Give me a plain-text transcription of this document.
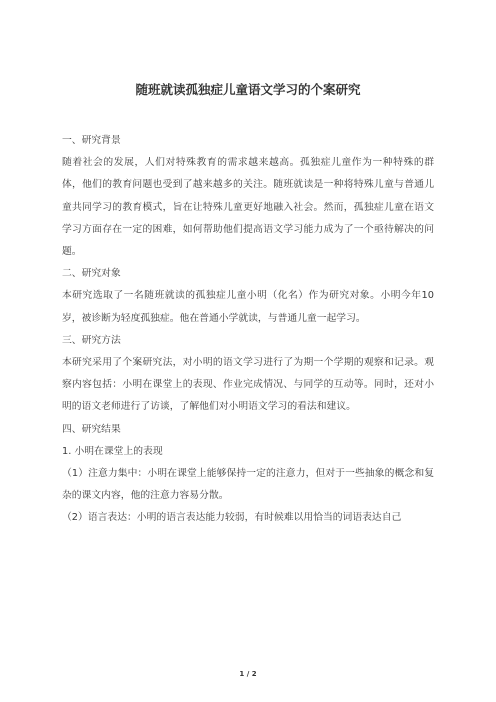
随班就读孤独症儿童语文学习的个案研究

一、研究背景

随着社会的发展，人们对特殊教育的需求越来越高。孤独症儿童作为一种特殊的群体，他们的教育问题也受到了越来越多的关注。随班就读是一种将特殊儿童与普通儿童共同学习的教育模式，旨在让特殊儿童更好地融入社会。然而，孤独症儿童在语文学习方面存在一定的困难，如何帮助他们提高语文学习能力成为了一个亟待解决的问题。

二、研究对象

本研究选取了一名随班就读的孤独症儿童小明（化名）作为研究对象。小明今年10岁，被诊断为轻度孤独症。他在普通小学就读，与普通儿童一起学习。

三、研究方法

本研究采用了个案研究法，对小明的语文学习进行了为期一个学期的观察和记录。观察内容包括：小明在课堂上的表现、作业完成情况、与同学的互动等。同时，还对小明的语文老师进行了访谈，了解他们对小明语文学习的看法和建议。

四、研究结果

1. 小明在课堂上的表现

（1）注意力集中：小明在课堂上能够保持一定的注意力，但对于一些抽象的概念和复杂的课文内容，他的注意力容易分散。

（2）语言表达：小明的语言表达能力较弱，有时候难以用恰当的词语表达自己

1 / 2
